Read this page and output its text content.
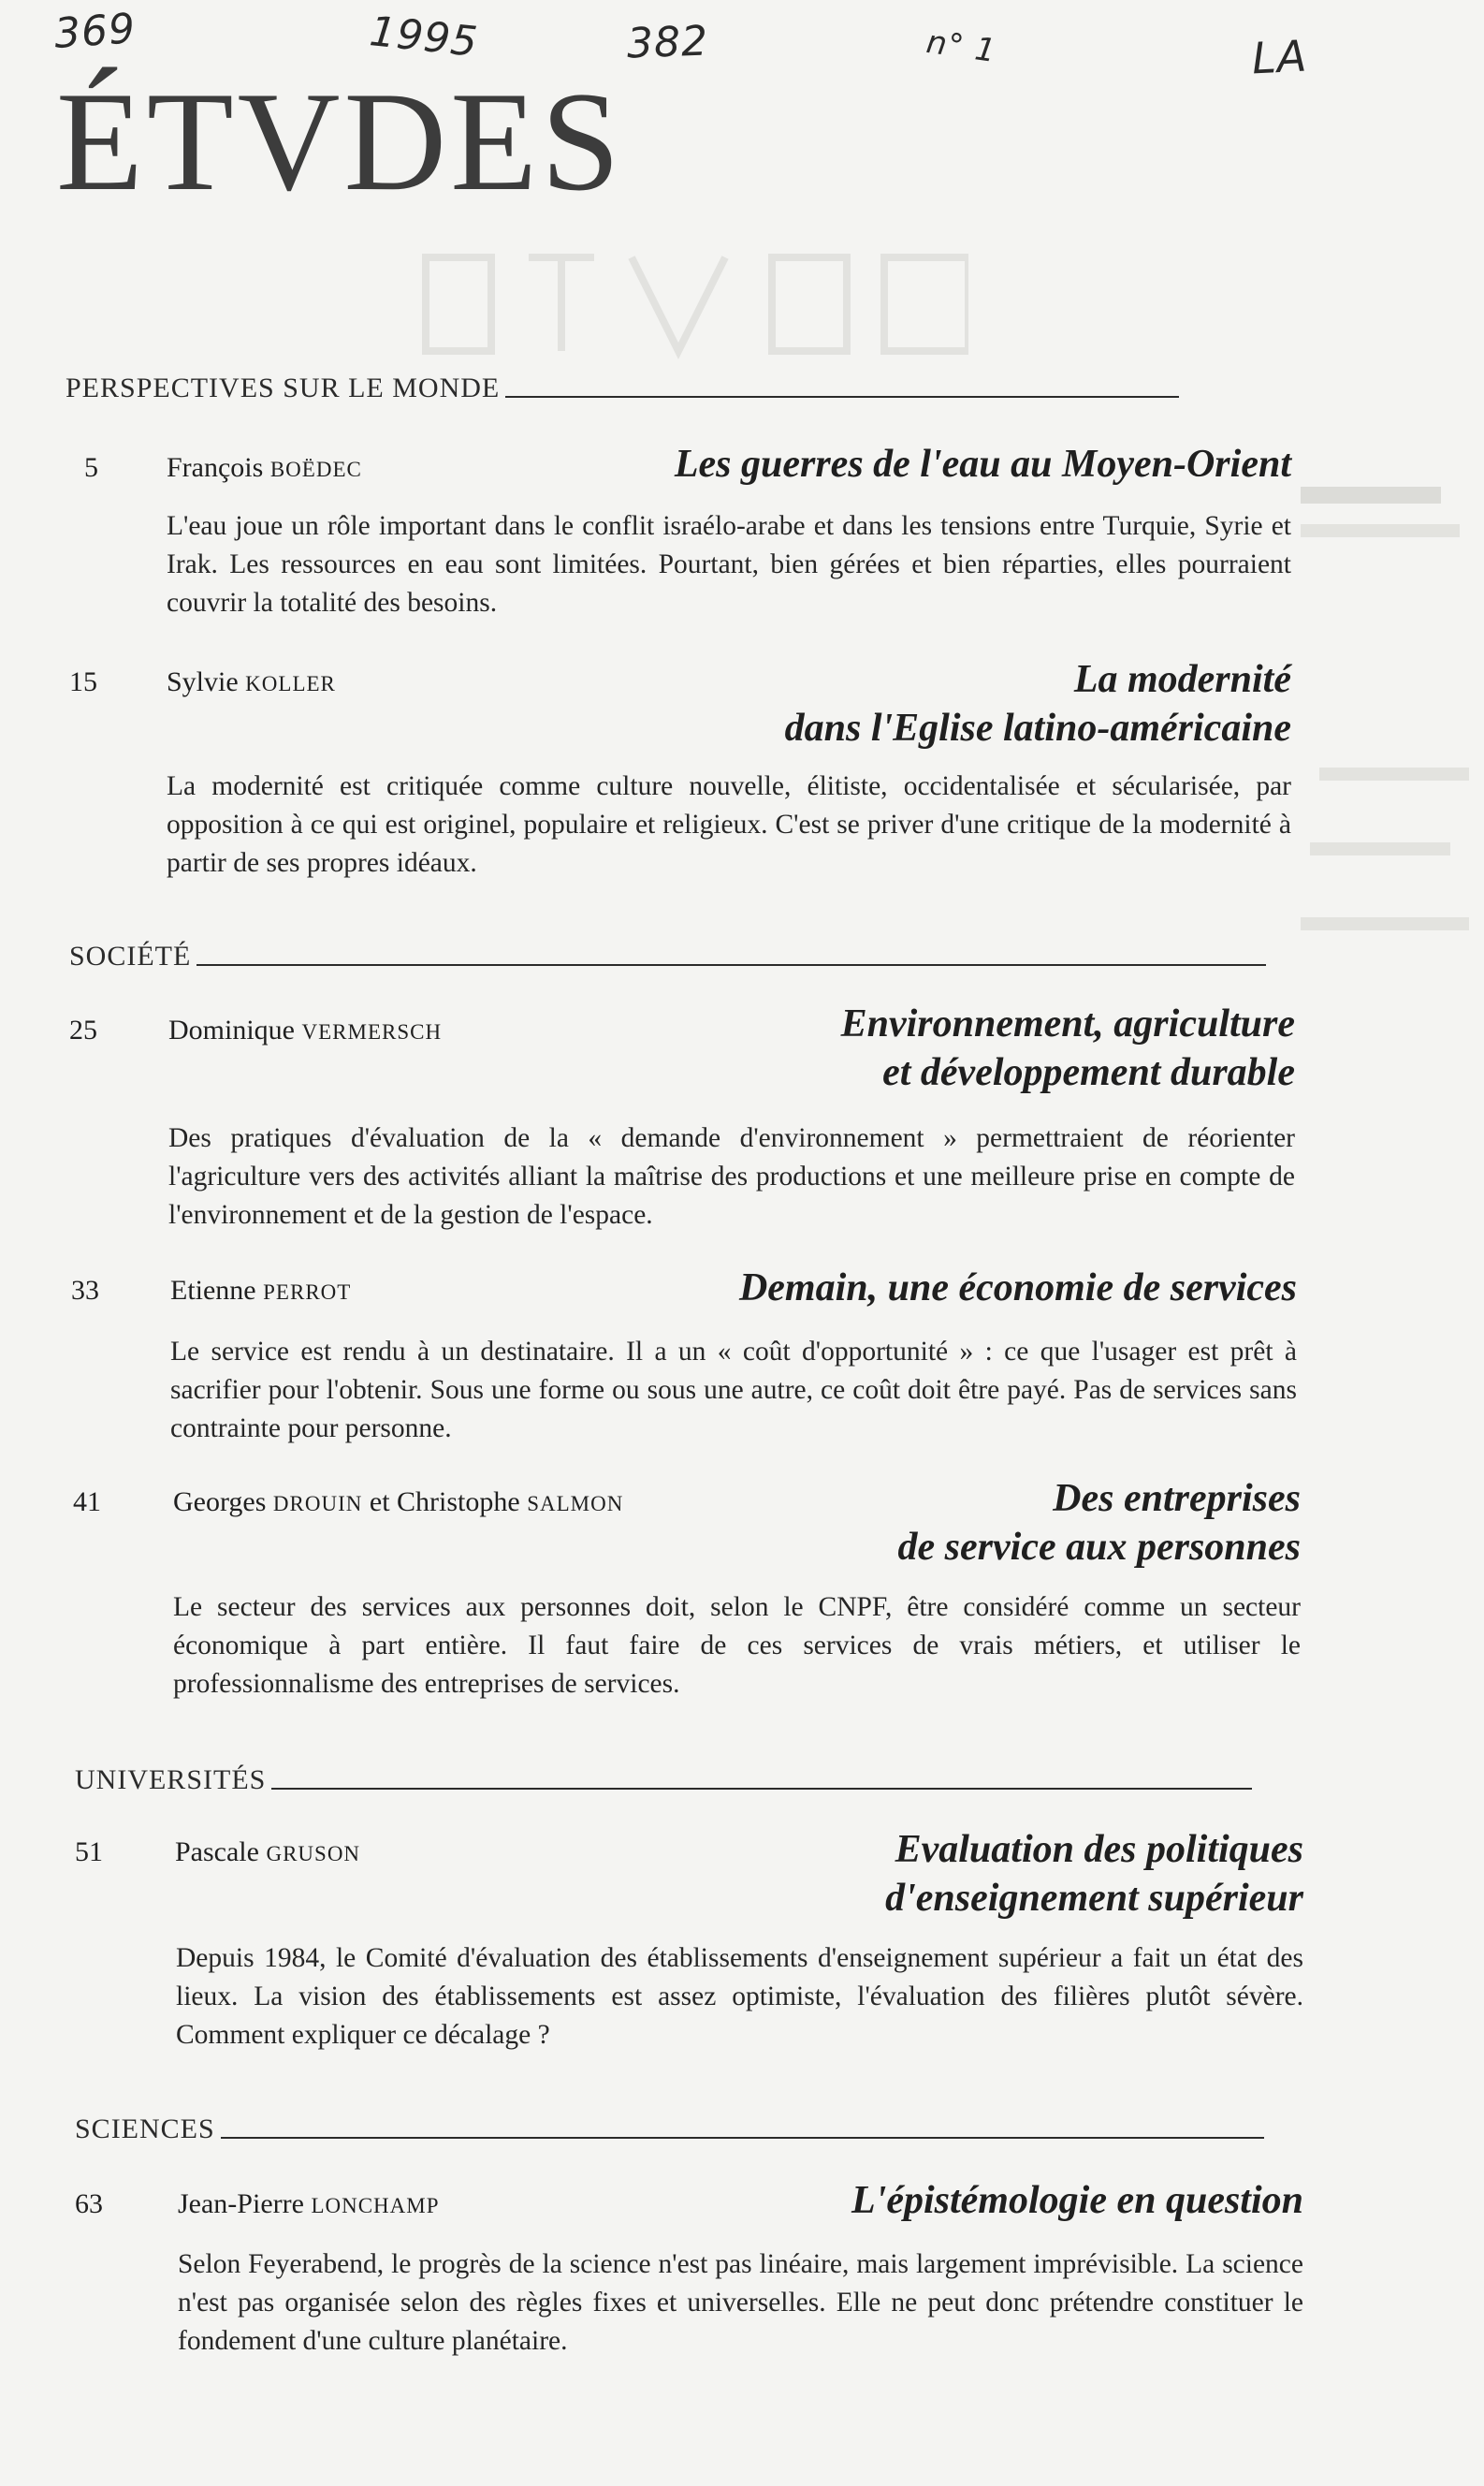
369	1995	382	n° 1	LA
ÉTVDES
PERSPECTIVES SUR LE MONDE
5 François BOËDEC	Les guerres de l'eau au Moyen-Orient
L'eau joue un rôle important dans le conflit israélo-arabe et dans les tensions entre Turquie, Syrie et Irak. Les ressources en eau sont limitées. Pourtant, bien gérées et bien réparties, elles pourraient couvrir la totalité des besoins.
15 Sylvie KOLLER	La modernité
dans l'Eglise latino-américaine
La modernité est critiquée comme culture nouvelle, élitiste, occidentalisée et sécularisée, par opposition à ce qui est originel, populaire et religieux. C'est se priver d'une critique de la modernité à partir de ses propres idéaux.
SOCIÉTÉ
25	Dominique VERMERSCH	Environnement, agriculture
et développement durable
Des pratiques d'évaluation de la « demande d'environnement » permettraient de réorienter l'agriculture vers des activités alliant la maîtrise des productions et une meilleure prise en compte de l'environnement et de la gestion de l'espace.
33	Etienne PERROT	Demain, une économie de services
Le service est rendu à un destinataire. Il a un « coût d'opportunité » : ce que l'usager est prêt à sacrifier pour l'obtenir. Sous une forme ou sous une autre, ce coût doit être payé. Pas de services sans contrainte pour personne.
41	Georges DROUIN et Christophe SALMON	Des entreprises
de service aux personnes
Le secteur des services aux personnes doit, selon le CNPF, être considéré comme un secteur économique à part entière. Il faut faire de ces services de vrais métiers, et utiliser le professionnalisme des entreprises de services.
UNIVERSITÉS
51	Pascale GRUSON	Evaluation des politiques
d'enseignement supérieur
Depuis 1984, le Comité d'évaluation des établissements d'enseignement supérieur a fait un état des lieux. La vision des établissements est assez optimiste, l'évaluation des filières plutôt sévère. Comment expliquer ce décalage ?
SCIENCES
63	Jean-Pierre LONCHAMP	L'épistémologie en question
Selon Feyerabend, le progrès de la science n'est pas linéaire, mais largement imprévisible. La science n'est pas organisée selon des règles fixes et universelles. Elle ne peut donc prétendre constituer le fondement d'une culture planétaire.
